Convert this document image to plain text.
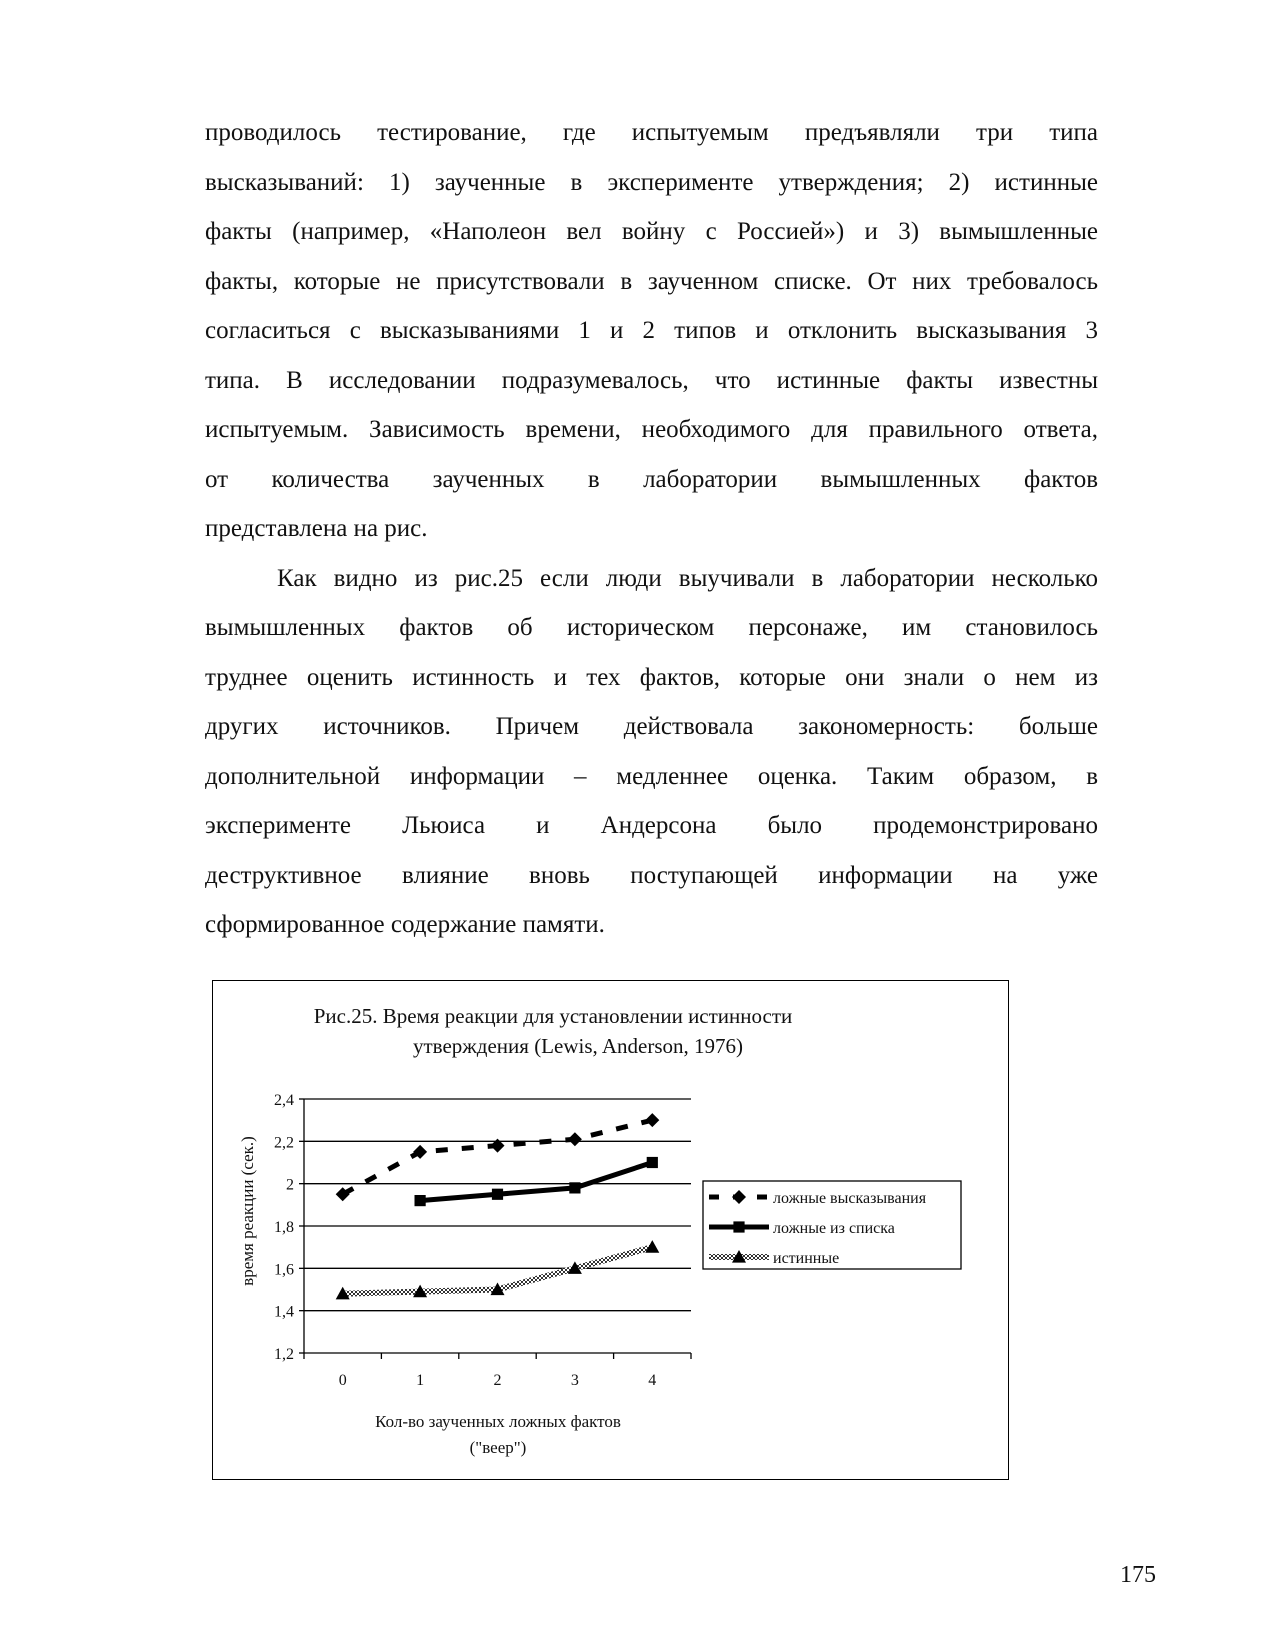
проводилось тестирование, где испытуемым предъявляли три типа
высказываний: 1) заученные в эксперименте утверждения; 2) истинные
факты (например, «Наполеон вел войну с Россией») и 3) вымышленные
факты, которые не присутствовали в заученном списке. От них требовалось
согласиться с высказываниями 1 и 2 типов и отклонить высказывания 3
типа. В исследовании подразумевалось, что истинные факты известны
испытуемым. Зависимость времени, необходимого для правильного ответа,
от количества заученных в лаборатории вымышленных фактов
представлена на рис.
Как видно из рис.25 если люди выучивали в лаборатории несколько
вымышленных фактов об историческом персонаже, им становилось
труднее оценить истинность и тех фактов, которые они знали о нем из
других источников. Причем действовала закономерность: больше
дополнительной информации – медленнее оценка. Таким образом, в
эксперименте Льюиса и Андерсона было продемонстрировано
деструктивное влияние вновь поступающей информации на уже
сформированное содержание памяти.
Рис.25. Время реакции для установлении истинности
утверждения (Lewis, Anderson, 1976)
1,2
1,4
1,6
1,8
2
2,2
2,4
0	1	2	3	4
время реакции (сек.)
Кол-во заученных ложных фактов
("веер")
ложные высказывания
ложные из списка
истинные
175
